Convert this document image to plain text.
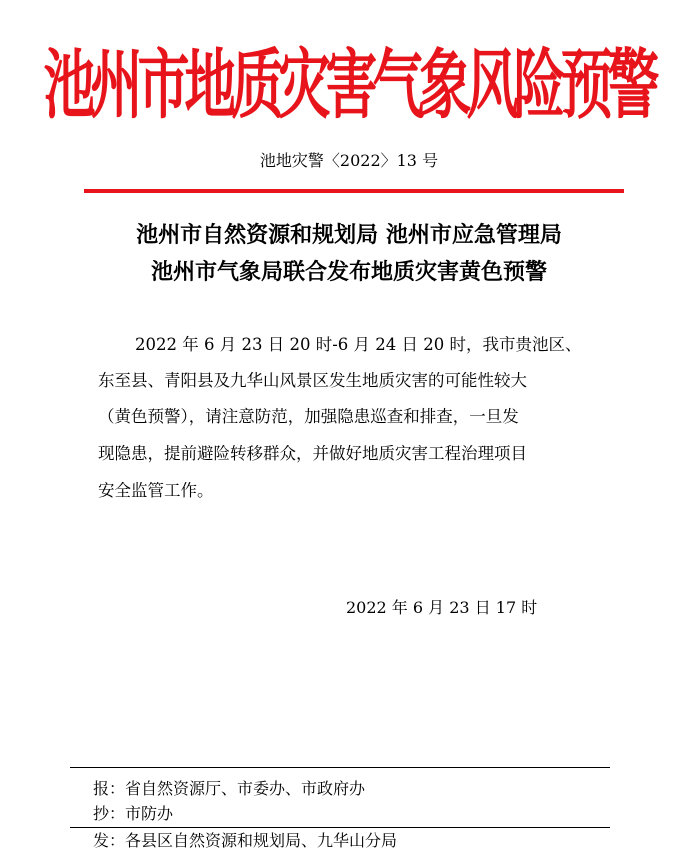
池州市地质灾害气象风险预警
池地灾警〈2022〉13 号
池州市自然资源和规划局 池州市应急管理局
池州市气象局联合发布地质灾害黄色预警
2022 年 6 月 23 日 20 时-6 月 24 日 20 时，我市贵池区、
东至县、青阳县及九华山风景区发生地质灾害的可能性较大
（黄色预警），请注意防范，加强隐患巡查和排查，一旦发
现隐患，提前避险转移群众，并做好地质灾害工程治理项目
安全监管工作。
2022 年 6 月 23 日 17 时
报：省自然资源厅、市委办、市政府办
抄：市防办
发：各县区自然资源和规划局、九华山分局
